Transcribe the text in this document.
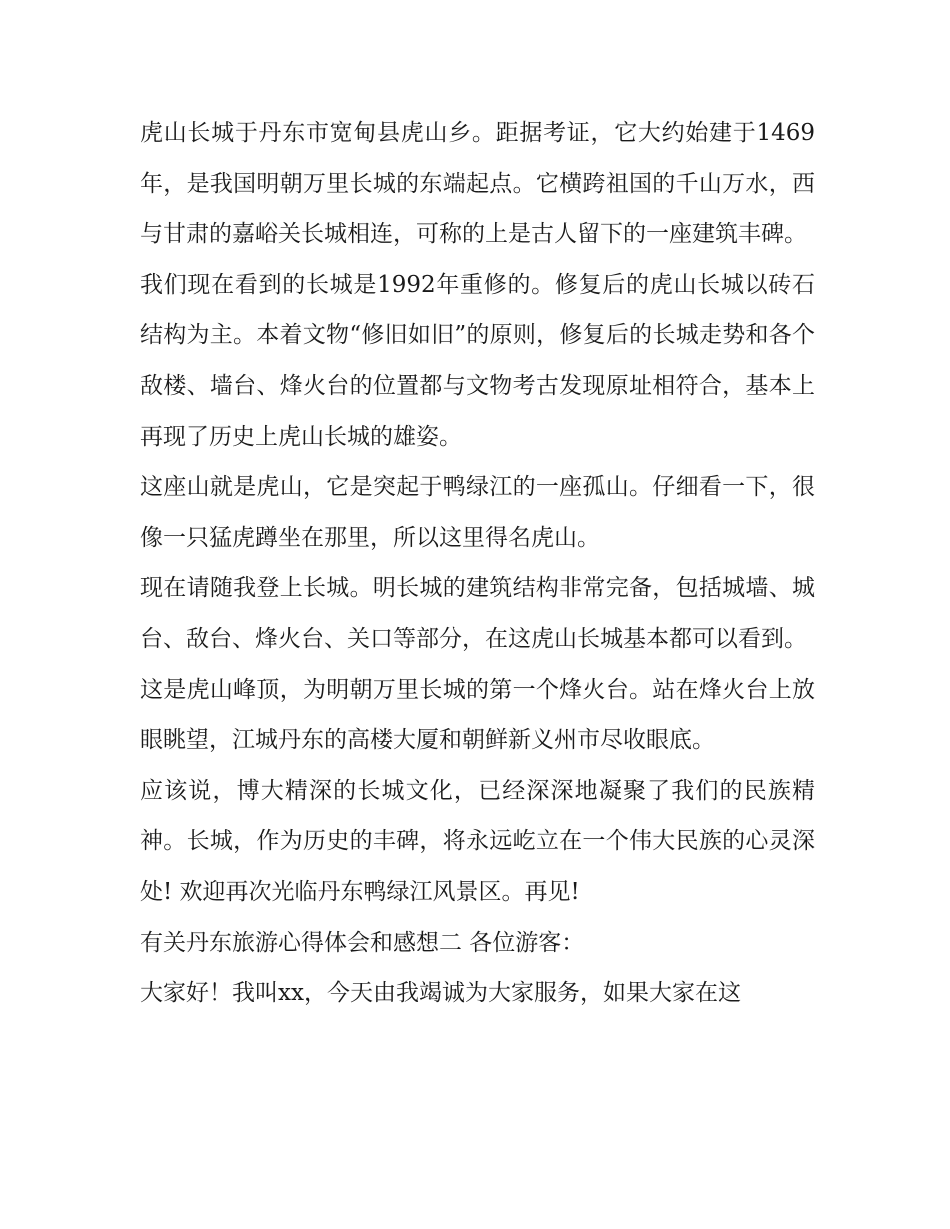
虎山长城于丹东市宽甸县虎山乡。距据考证，它大约始建于1469年，是我国明朝万里长城的东端起点。它横跨祖国的千山万水，西与甘肃的嘉峪关长城相连，可称的上是古人留下的一座建筑丰碑。

我们现在看到的长城是1992年重修的。修复后的虎山长城以砖石结构为主。本着文物“修旧如旧”的原则，修复后的长城走势和各个敌楼、墙台、烽火台的位置都与文物考古发现原址相符合，基本上再现了历史上虎山长城的雄姿。

这座山就是虎山，它是突起于鸭绿江的一座孤山。仔细看一下，很像一只猛虎蹲坐在那里，所以这里得名虎山。

现在请随我登上长城。明长城的建筑结构非常完备，包括城墙、城台、敌台、烽火台、关口等部分，在这虎山长城基本都可以看到。

这是虎山峰顶，为明朝万里长城的第一个烽火台。站在烽火台上放眼眺望，江城丹东的高楼大厦和朝鲜新义州市尽收眼底。

应该说，博大精深的长城文化，已经深深地凝聚了我们的民族精神。长城，作为历史的丰碑，将永远屹立在一个伟大民族的心灵深处! 欢迎再次光临丹东鸭绿江风景区。再见!

有关丹东旅游心得体会和感想二 各位游客：

大家好！我叫xx，今天由我竭诚为大家服务，如果大家在这
